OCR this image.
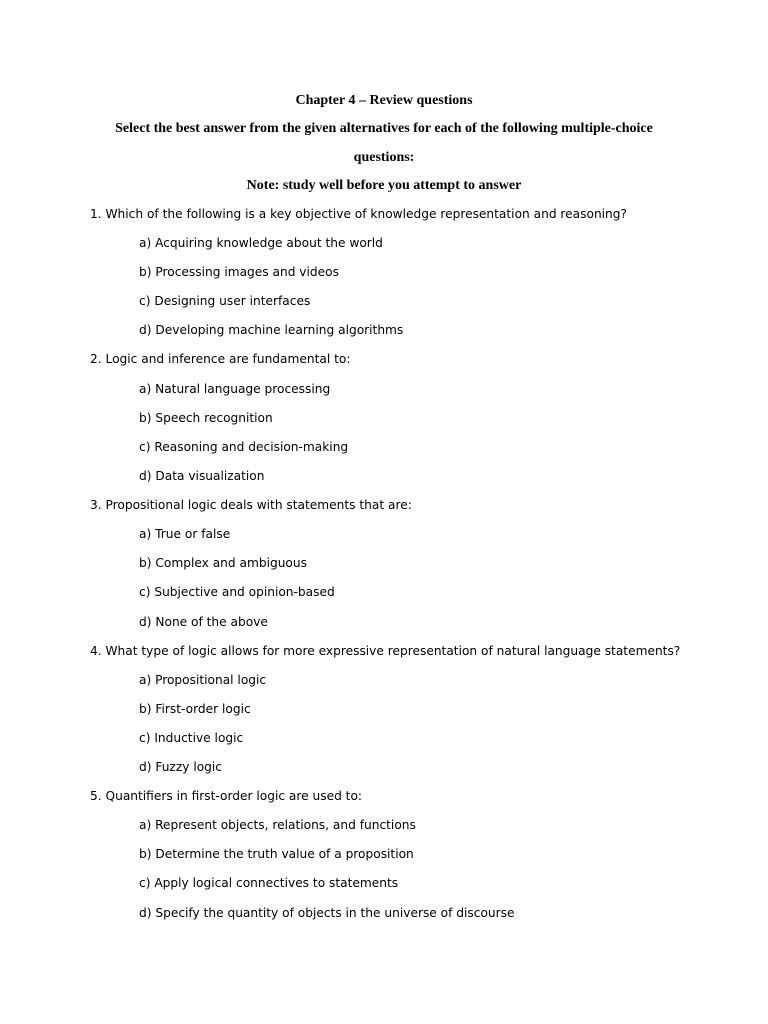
Chapter 4 – Review questions
Select the best answer from the given alternatives for each of the following multiple-choice
questions:
Note: study well before you attempt to answer
1. Which of the following is a key objective of knowledge representation and reasoning?
a) Acquiring knowledge about the world
b) Processing images and videos
c) Designing user interfaces
d) Developing machine learning algorithms
2. Logic and inference are fundamental to:
a) Natural language processing
b) Speech recognition
c) Reasoning and decision-making
d) Data visualization
3. Propositional logic deals with statements that are:
a) True or false
b) Complex and ambiguous
c) Subjective and opinion-based
d) None of the above
4. What type of logic allows for more expressive representation of natural language statements?
a) Propositional logic
b) First-order logic
c) Inductive logic
d) Fuzzy logic
5. Quantifiers in first-order logic are used to:
a) Represent objects, relations, and functions
b) Determine the truth value of a proposition
c) Apply logical connectives to statements
d) Specify the quantity of objects in the universe of discourse
